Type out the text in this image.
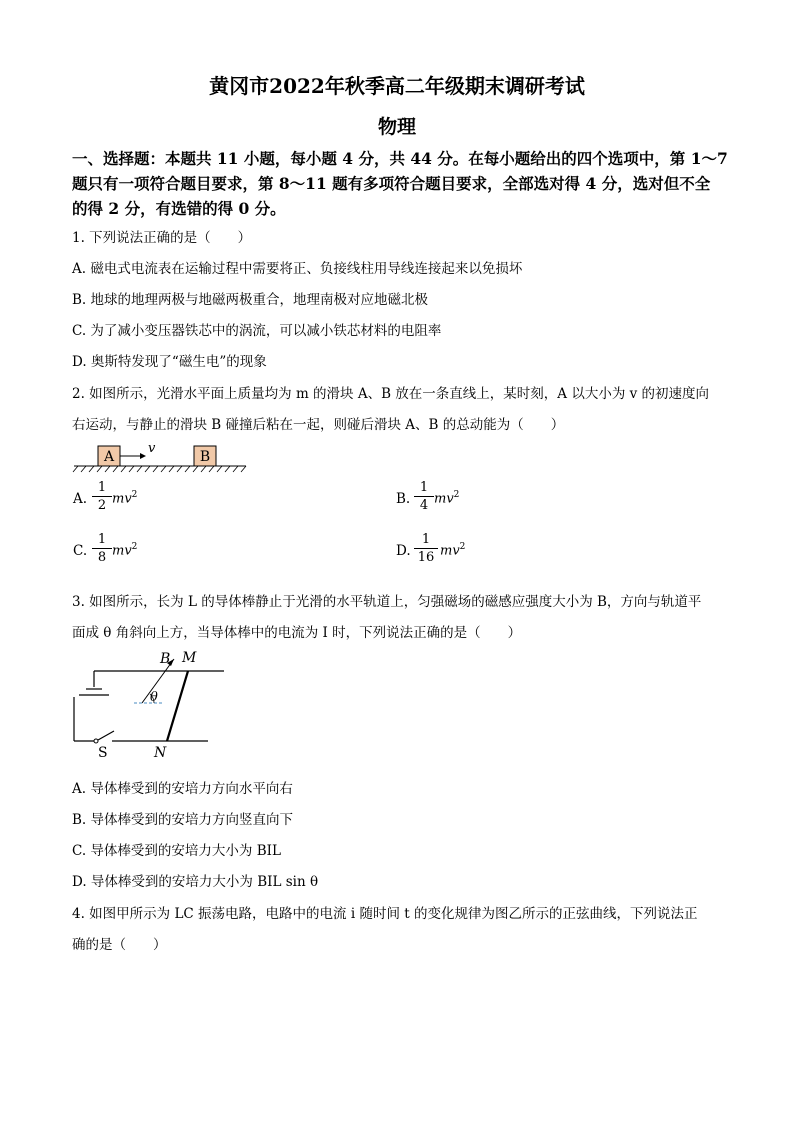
黄冈市2022年秋季高二年级期末调研考试
物理
一、选择题：本题共 11 小题，每小题 4 分，共 44 分。在每小题给出的四个选项中，第 1～7
题只有一项符合题目要求，第 8～11 题有多项符合题目要求，全部选对得 4 分，选对但不全
的得 2 分，有选错的得 0 分。
1. 下列说法正确的是（　　）
A. 磁电式电流表在运输过程中需要将正、负接线柱用导线连接起来以免损坏
B. 地球的地理两极与地磁两极重合，地理南极对应地磁北极
C. 为了减小变压器铁芯中的涡流，可以减小铁芯材料的电阻率
D. 奥斯特发现了“磁生电”的现象
2. 如图所示，光滑水平面上质量均为 m 的滑块 A、B 放在一条直线上，某时刻，A 以大小为 v 的初速度向
右运动，与静止的滑块 B 碰撞后粘在一起，则碰后滑块 A、B 的总动能为（　　）
A
v
B
A.
1
2 $mv^2$	B.
1
4 $mv^2$
C.
1
8 $mv^2$	D.
1
16 $mv^2$
3. 如图所示，长为 L 的导体棒静止于光滑的水平轨道上，匀强磁场的磁感应强度大小为 B，方向与轨道平
面成 θ 角斜向上方，当导体棒中的电流为 I 时，下列说法正确的是（　　）
S
M
N
B
θ
A. 导体棒受到的安培力方向水平向右
B. 导体棒受到的安培力方向竖直向下
C. 导体棒受到的安培力大小为 BIL
D. 导体棒受到的安培力大小为 BIL sin θ
4. 如图甲所示为 LC 振荡电路，电路中的电流 i 随时间 t 的变化规律为图乙所示的正弦曲线，下列说法正
确的是（　　）
